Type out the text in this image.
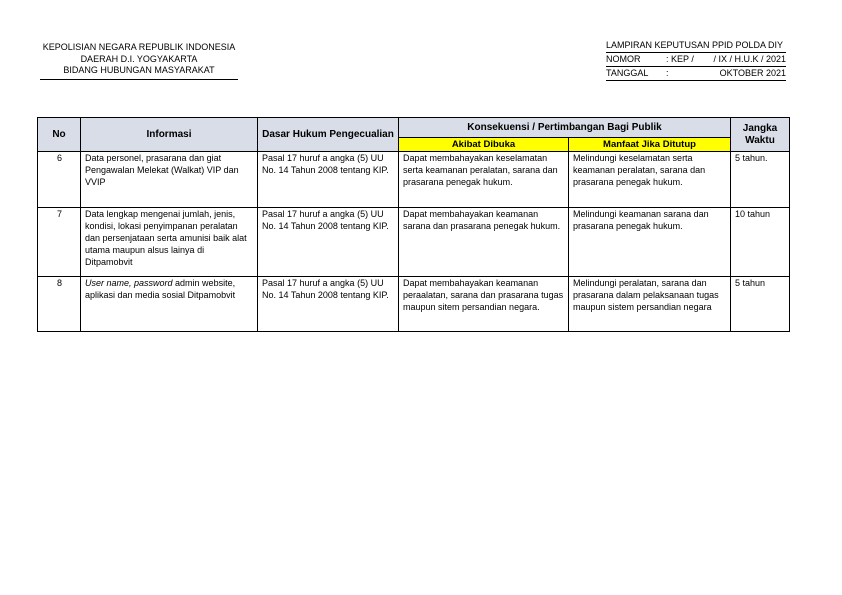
KEPOLISIAN NEGARA REPUBLIK INDONESIA
DAERAH D.I. YOGYAKARTA
BIDANG HUBUNGAN MASYARAKAT
LAMPIRAN KEPUTUSAN PPID POLDA DIY
NOMOR	: KEP / / IX / H.U.K / 2021
TANGGAL :	OKTOBER 2021
No	Informasi	Dasar Hukum Pengecualian	Konsekuensi / Pertimbangan Bagi Publik		Jangka Waktu
			Akibat Dibuka	Manfaat Jika Ditutup	
6	Data personel, prasarana dan giat Pengawalan Melekat (Walkat) VIP dan VVIP	Pasal 17 huruf a angka (5) UU No. 14 Tahun 2008 tentang KIP.	Dapat membahayakan keselamatan serta keamanan peralatan, sarana dan prasarana penegak hukum.	Melindungi keselamatan serta keamanan peralatan, sarana dan prasarana penegak hukum.	5 tahun.
7	Data lengkap mengenai jumlah, jenis, kondisi, lokasi penyimpanan peralatan dan persenjataan serta amunisi baik alat utama maupun alsus lainya di Ditpamobvit	Pasal 17 huruf a angka (5) UU No. 14 Tahun 2008 tentang KIP.	Dapat membahayakan keamanan sarana dan prasarana penegak hukum.	Melindungi keamanan sarana dan prasarana penegak hukum.	10 tahun
8	User name, password admin website, aplikasi dan media sosial Ditpamobvit	Pasal 17 huruf a angka (5) UU No. 14 Tahun 2008 tentang KIP.	Dapat membahayakan keamanan peraalatan, sarana dan prasarana tugas maupun sitem persandian negara.	Melindungi peralatan, sarana dan prasarana dalam pelaksanaan tugas maupun sistem persandian negara	5 tahun
